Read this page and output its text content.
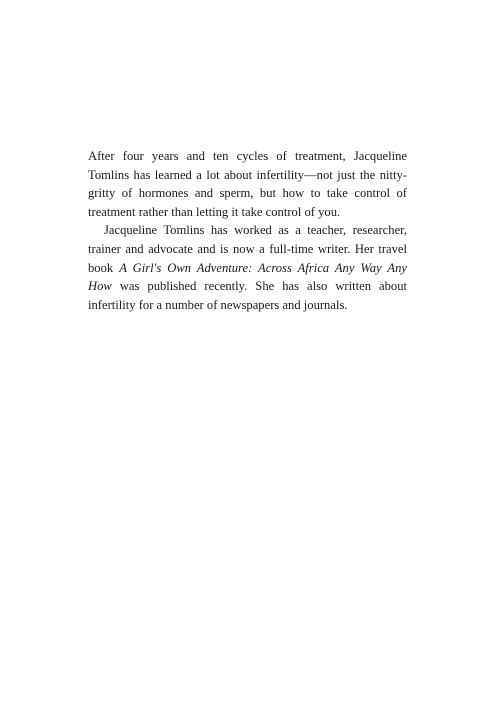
After four years and ten cycles of treatment, Jacqueline Tomlins has learned a lot about infertility—not just the nitty-gritty of hormones and sperm, but how to take control of treatment rather than letting it take control of you.

Jacqueline Tomlins has worked as a teacher, researcher, trainer and advocate and is now a full-time writer. Her travel book A Girl's Own Adventure: Across Africa Any Way Any How was published recently. She has also written about infertility for a number of newspapers and journals.
